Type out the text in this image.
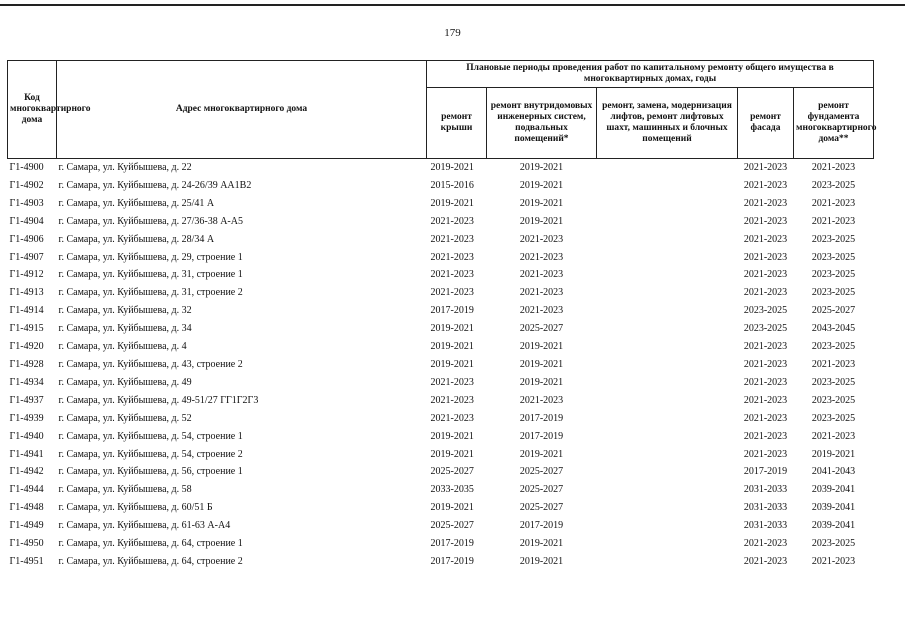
179
Код многоквартирного дома	Адрес многоквартирного дома	Плановые периоды проведения работ по капитальному ремонту общего имущества в многоквартирных домах, годы				
		ремонт крыши	ремонт внутридомовых инженерных систем, подвальных помещений*	ремонт, замена, модернизация лифтов, ремонт лифтовых шахт, машинных и блочных помещений	ремонт фасада	ремонт фундамента многоквартирного дома**
Г1-4900	г. Самара, ул. Куйбышева, д. 22	2019-2021	2019-2021		2021-2023	2021-2023
Г1-4902	г. Самара, ул. Куйбышева, д. 24-26/39 АА1В2	2015-2016	2019-2021		2021-2023	2023-2025
Г1-4903	г. Самара, ул. Куйбышева, д. 25/41 А	2019-2021	2019-2021		2021-2023	2021-2023
Г1-4904	г. Самара, ул. Куйбышева, д. 27/36-38 А-А5	2021-2023	2019-2021		2021-2023	2021-2023
Г1-4906	г. Самара, ул. Куйбышева, д. 28/34 А	2021-2023	2021-2023		2021-2023	2023-2025
Г1-4907	г. Самара, ул. Куйбышева, д. 29, строение 1	2021-2023	2021-2023		2021-2023	2023-2025
Г1-4912	г. Самара, ул. Куйбышева, д. 31, строение 1	2021-2023	2021-2023		2021-2023	2023-2025
Г1-4913	г. Самара, ул. Куйбышева, д. 31, строение 2	2021-2023	2021-2023		2021-2023	2023-2025
Г1-4914	г. Самара, ул. Куйбышева, д. 32	2017-2019	2021-2023		2023-2025	2025-2027
Г1-4915	г. Самара, ул. Куйбышева, д. 34	2019-2021	2025-2027		2023-2025	2043-2045
Г1-4920	г. Самара, ул. Куйбышева, д. 4	2019-2021	2019-2021		2021-2023	2023-2025
Г1-4928	г. Самара, ул. Куйбышева, д. 43, строение 2	2019-2021	2019-2021		2021-2023	2021-2023
Г1-4934	г. Самара, ул. Куйбышева, д. 49	2021-2023	2019-2021		2021-2023	2023-2025
Г1-4937	г. Самара, ул. Куйбышева, д. 49-51/27 ГГ1Г2Г3	2021-2023	2021-2023		2021-2023	2023-2025
Г1-4939	г. Самара, ул. Куйбышева, д. 52	2021-2023	2017-2019		2021-2023	2023-2025
Г1-4940	г. Самара, ул. Куйбышева, д. 54, строение 1	2019-2021	2017-2019		2021-2023	2021-2023
Г1-4941	г. Самара, ул. Куйбышева, д. 54, строение 2	2019-2021	2019-2021		2021-2023	2019-2021
Г1-4942	г. Самара, ул. Куйбышева, д. 56, строение 1	2025-2027	2025-2027		2017-2019	2041-2043
Г1-4944	г. Самара, ул. Куйбышева, д. 58	2033-2035	2025-2027		2031-2033	2039-2041
Г1-4948	г. Самара, ул. Куйбышева, д. 60/51 Б	2019-2021	2025-2027		2031-2033	2039-2041
Г1-4949	г. Самара, ул. Куйбышева, д. 61-63 А-А4	2025-2027	2017-2019		2031-2033	2039-2041
Г1-4950	г. Самара, ул. Куйбышева, д. 64, строение 1	2017-2019	2019-2021		2021-2023	2023-2025
Г1-4951	г. Самара, ул. Куйбышева, д. 64, строение 2	2017-2019	2019-2021		2021-2023	2021-2023
